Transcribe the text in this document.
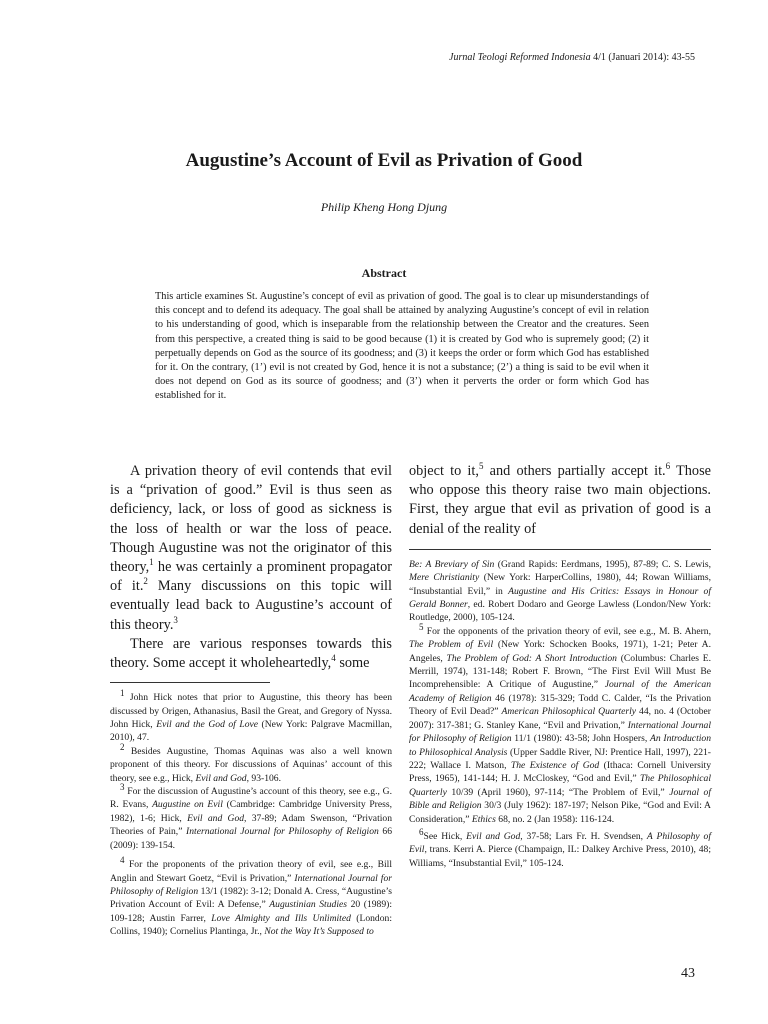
Jurnal Teologi Reformed Indonesia 4/1 (Januari 2014): 43-55
Augustine’s Account of Evil as Privation of Good
Philip Kheng Hong Djung
Abstract
This article examines St. Augustine’s concept of evil as privation of good. The goal is to clear up misunderstandings of this concept and to defend its adequacy. The goal shall be attained by analyzing Augustine’s concept of evil in relation to his understanding of good, which is inseparable from the relationship between the Creator and the creatures. Seen from this perspective, a created thing is said to be good because (1) it is created by God who is supremely good; (2) it perpetually depends on God as the source of its goodness; and (3) it keeps the order or form which God has established for it. On the contrary, (1’) evil is not created by God, hence it is not a substance; (2’) a thing is said to be evil when it does not depend on God as its source of goodness; and (3’) when it perverts the order or form which God has established for it.

A privation theory of evil contends that evil is a “privation of good.” Evil is thus seen as deficiency, lack, or loss of good as sickness is the loss of health or war the loss of peace. Though Augustine was not the originator of this theory,$^1$ he was certainly a prominent propagator of it.$^2$ Many discussions on this topic will eventually lead back to Augustine’s account of this theory.$^3$

There are various responses towards this theory. Some accept it wholeheartedly,$^4$ some

$^1$ John Hick notes that prior to Augustine, this theory has been discussed by Origen, Athanasius, Basil the Great, and Gregory of Nyssa. John Hick, Evil and the God of Love (New York: Palgrave Macmillan, 2010), 47.

$^2$ Besides Augustine, Thomas Aquinas was also a well known proponent of this theory. For discussions of Aquinas’ account of this theory, see e.g., Hick, Evil and God, 93-106.

$^3$ For the discussion of Augustine’s account of this theory, see e.g., G. R. Evans, Augustine on Evil (Cambridge: Cambridge University Press, 1982), 1-6; Hick, Evil and God, 37-89; Adam Swenson, “Privation Theories of Pain,” International Journal for Philosophy of Religion 66 (2009): 139-154.

$^4$ For the proponents of the privation theory of evil, see e.g., Bill Anglin and Stewart Goetz, “Evil is Privation,” International Journal for Philosophy of Religion 13/1 (1982): 3-12; Donald A. Cress, “Augustine’s Privation Account of Evil: A Defense,” Augustinian Studies 20 (1989): 109-128; Austin Farrer, Love Almighty and Ills Unlimited (London: Collins, 1940); Cornelius Plantinga, Jr., Not the Way It’s Supposed to

object to it,$^5$ and others partially accept it.$^6$ Those who oppose this theory raise two main objections. First, they argue that evil as privation of good is a denial of the reality of

Be: A Breviary of Sin (Grand Rapids: Eerdmans, 1995), 87-89; C. S. Lewis, Mere Christianity (New York: HarperCollins, 1980), 44; Rowan Williams, “Insubstantial Evil,” in Augustine and His Critics: Essays in Honour of Gerald Bonner, ed. Robert Dodaro and George Lawless (London/New York: Routledge, 2000), 105-124.

$^5$ For the opponents of the privation theory of evil, see e.g., M. B. Ahern, The Problem of Evil (New York: Schocken Books, 1971), 1-21; Peter A. Angeles, The Problem of God: A Short Introduction (Columbus: Charles E. Merrill, 1974), 131-148; Robert F. Brown, “The First Evil Will Must Be Incomprehensible: A Critique of Augustine,” Journal of the American Academy of Religion 46 (1978): 315-329; Todd C. Calder, “Is the Privation Theory of Evil Dead?” American Philosophical Quarterly 44, no. 4 (October 2007): 317-381; G. Stanley Kane, “Evil and Privation,” International Journal for Philosophy of Religion 11/1 (1980): 43-58; John Hospers, An Introduction to Philosophical Analysis (Upper Saddle River, NJ: Prentice Hall, 1997), 221-222; Wallace I. Matson, The Existence of God (Ithaca: Cornell University Press, 1965), 141-144; H. J. McCloskey, “God and Evil,” The Philosophical Quarterly 10/39 (April 1960), 97-114; “The Problem of Evil,” Journal of Bible and Religion 30/3 (July 1962): 187-197; Nelson Pike, “God and Evil: A Consideration,” Ethics 68, no. 2 (Jan 1958): 116-124.

$^6$See Hick, Evil and God, 37-58; Lars Fr. H. Svendsen, A Philosophy of Evil, trans. Kerri A. Pierce (Champaign, IL: Dalkey Archive Press, 2010), 48; Williams, “Insubstantial Evil,” 105-124.

43
